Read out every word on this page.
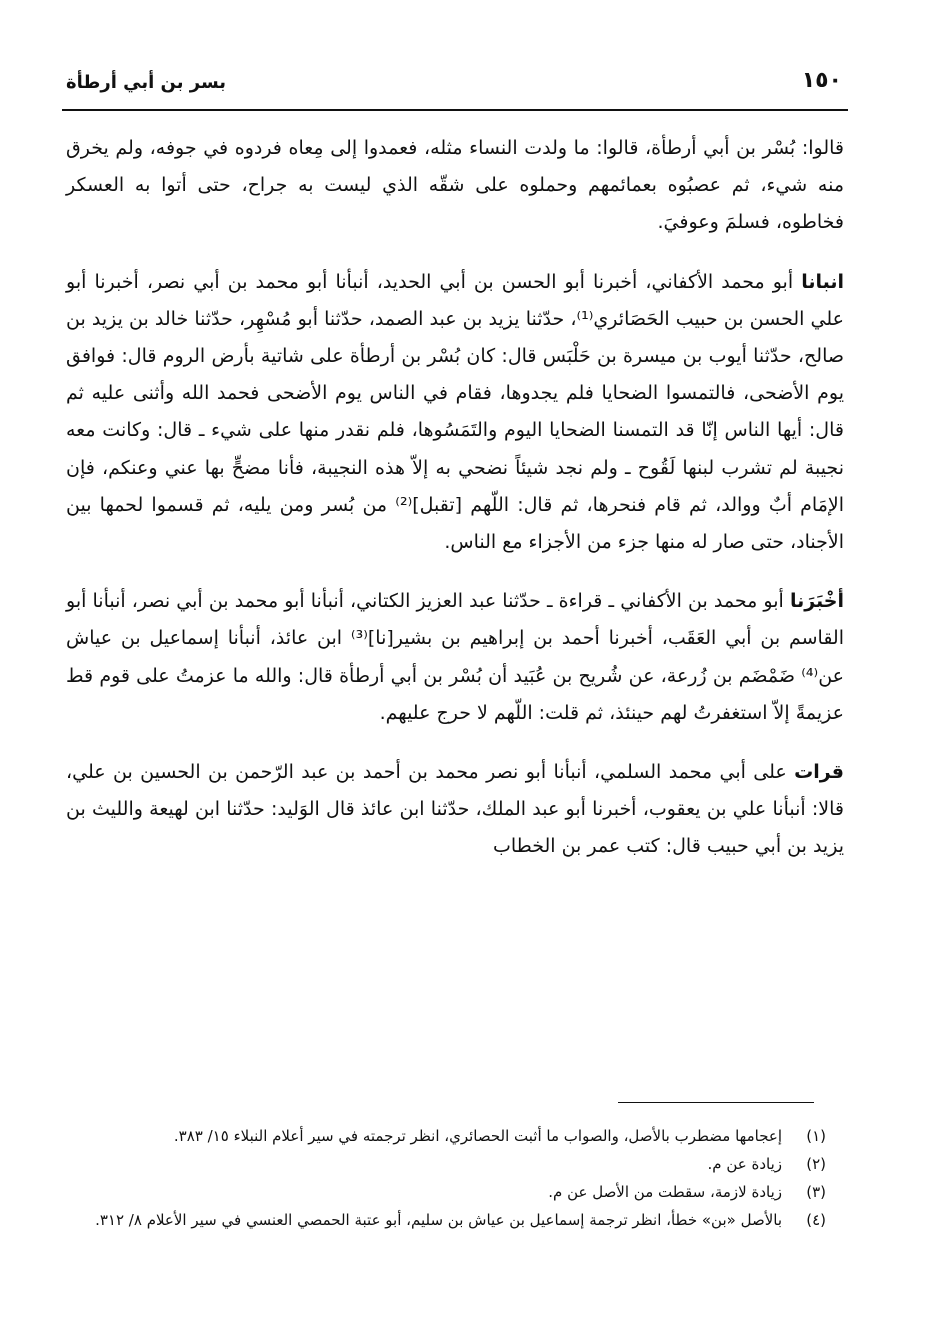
١٥٠
بسر بن أبي أرطأة

قالوا: بُسْر بن أبي أرطأة، قالوا: ما ولدت النساء مثله، فعمدوا إلى مِعاه فردوه في جوفه، ولم يخرق منه شيء، ثم عصبُوه بعمائمهم وحملوه على شقّه الذي ليست به جراح، حتى أتوا به العسكر فخاطوه، فسلمَ وعوفيَ.

انبانا أبو محمد الأكفاني، أخبرنا أبو الحسن بن أبي الحديد، أنبأنا أبو محمد بن أبي نصر، أخبرنا أبو علي الحسن بن حبيب الحَصَائري⁽¹⁾، حدّثنا يزيد بن عبد الصمد، حدّثنا أبو مُسْهِر، حدّثنا خالد بن يزيد بن صالح، حدّثنا أيوب بن ميسرة بن حَلْبَس قال: كان بُسْر بن أرطأة على شاتية بأرض الروم قال: فوافق يوم الأضحى، فالتمسوا الضحايا فلم يجدوها، فقام في الناس يوم الأضحى فحمد الله وأثنى عليه ثم قال: أيها الناس إنّا قد التمسنا الضحايا اليوم والتَمَسُوها، فلم نقدر منها على شيء ـ قال: وكانت معه نجيبة لم تشرب لبنها لَقُوح ـ ولم نجد شيئاً نضحي به إلاّ هذه النجيبة، فأنا مضحٍّ بها عني وعنكم، فإن الإمَام أبٌ ووالد، ثم قام فنحرها، ثم قال: اللّهم [تقبل]⁽²⁾ من بُسر ومن يليه، ثم قسموا لحمها بين الأجناد، حتى صار له منها جزء من الأجزاء مع الناس.

أخْبَرَنا أبو محمد بن الأكفاني ـ قراءة ـ حدّثنا عبد العزيز الكتاني، أنبأنا أبو محمد بن أبي نصر، أنبأنا أبو القاسم بن أبي العَقَب، أخبرنا أحمد بن إبراهيم بن بشير[نا]⁽³⁾ ابن عائذ، أنبأنا إسماعيل بن عياش عن⁽⁴⁾ ضَمْضَم بن زُرعة، عن شُريح بن عُبَيد أن بُسْر بن أبي أرطأة قال: والله ما عزمتُ على قوم قط عزيمةً إلاّ استغفرتُ لهم حينئذ، ثم قلت: اللّهم لا حرج عليهم.

قرات على أبي محمد السلمي، أنبأنا أبو نصر محمد بن أحمد بن عبد الرّحمن بن الحسين بن علي، قالا: أنبأنا علي بن يعقوب، أخبرنا أبو عبد الملك، حدّثنا ابن عائذ قال الوَليد: حدّثنا ابن لهيعة والليث بن يزيد بن أبي حبيب قال: كتب عمر بن الخطاب

(١)
إعجامها مضطرب بالأصل، والصواب ما أثبت الحصائري، انظر ترجمته في سير أعلام النبلاء ١٥/ ٣٨٣.
(٢)
زيادة عن م.
(٣)
زيادة لازمة، سقطت من الأصل عن م.
(٤)
بالأصل «بن» خطأ، انظر ترجمة إسماعيل بن عياش بن سليم، أبو عتبة الحمصي العنسي في سير الأعلام ٨/ ٣١٢.
